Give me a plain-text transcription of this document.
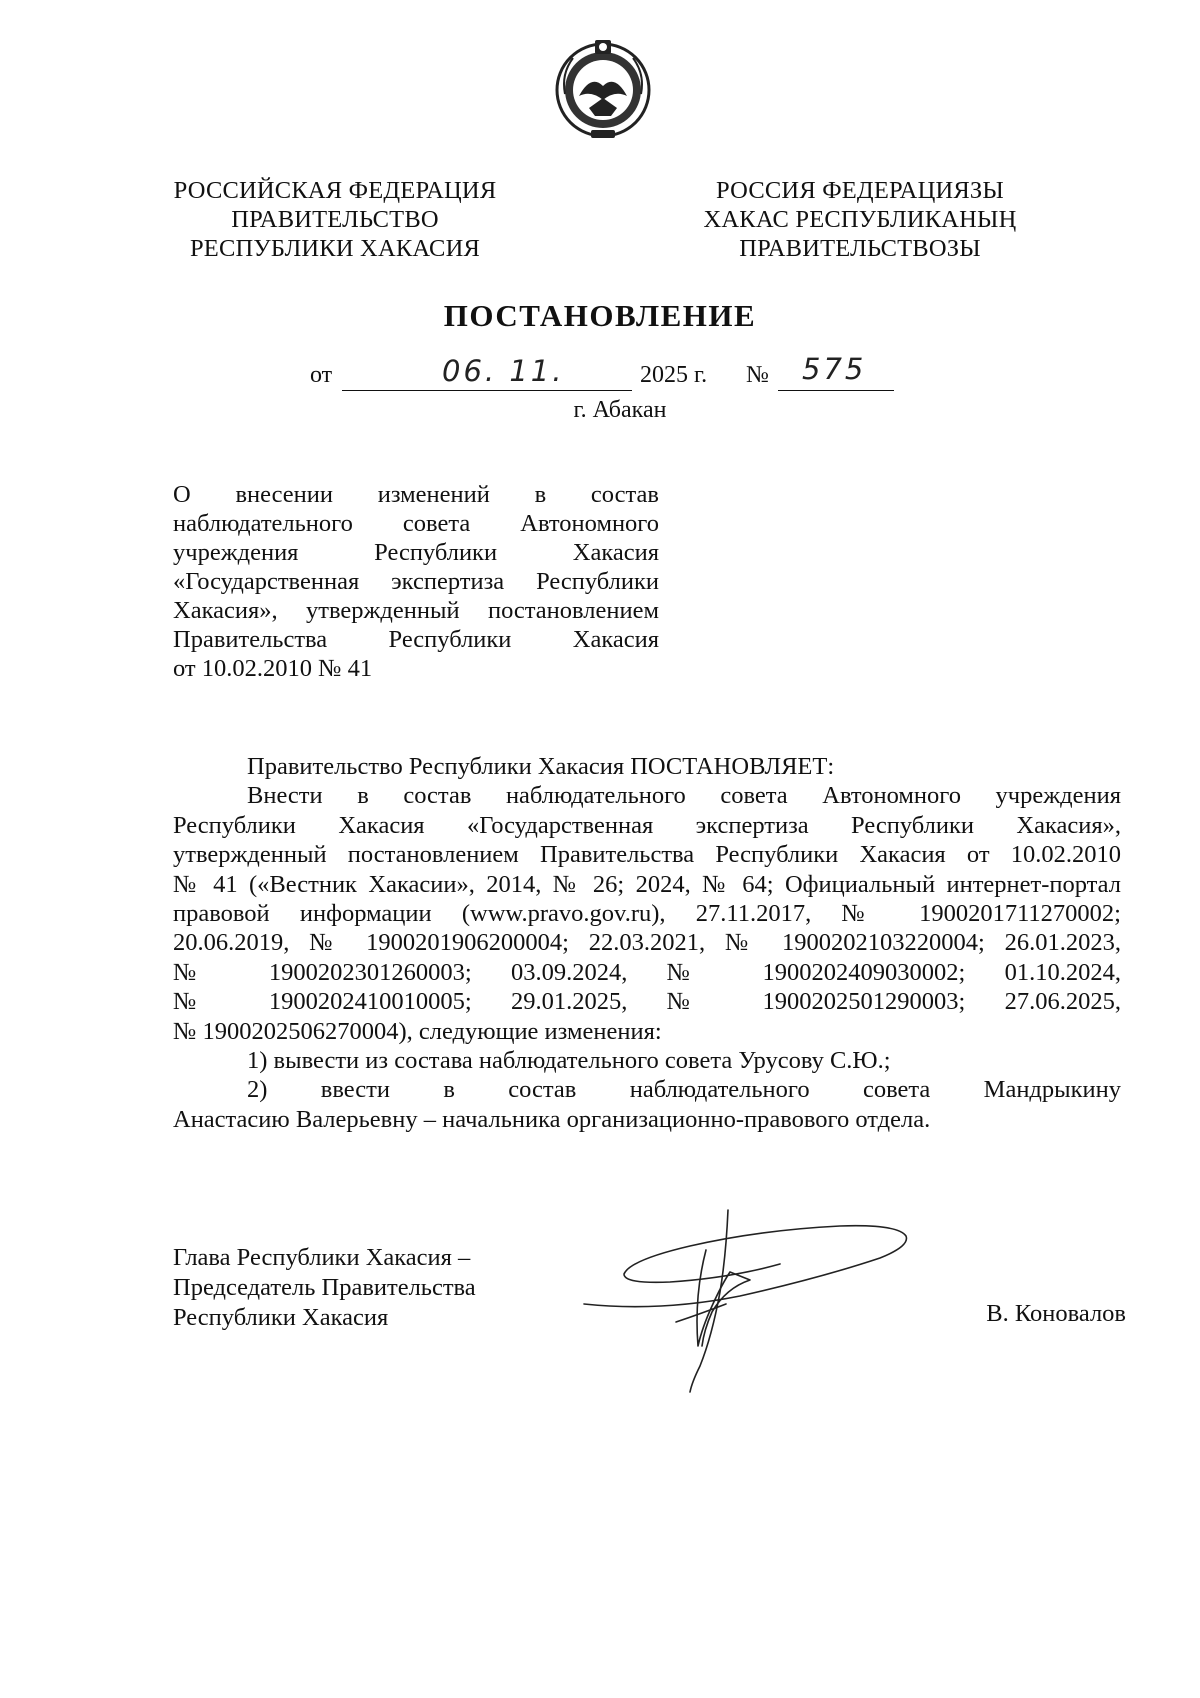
РОССИЙСКАЯ ФЕДЕРАЦИЯ
ПРАВИТЕЛЬСТВО
РЕСПУБЛИКИ ХАКАСИЯ
РОССИЯ ФЕДЕРАЦИЯЗЫ
ХАКАС РЕСПУБЛИКАНЫҢ
ПРАВИТЕЛЬСТВОЗЫ
ПОСТАНОВЛЕНИЕ
от	06. 11.	2025 г. № 575
г. Абакан
О внесении изменений в состав
наблюдательного совета Автономного
учреждения Республики Хакасия
«Государственная экспертиза Республики
Хакасия», утвержденный постановлением
Правительства Республики Хакасия
от 10.02.2010 № 41
Правительство Республики Хакасия ПОСТАНОВЛЯЕТ:
Внести в состав наблюдательного совета Автономного учреждения
Республики Хакасия «Государственная экспертиза Республики Хакасия»,
утвержденный постановлением Правительства Республики Хакасия от 10.02.2010
№ 41 («Вестник Хакасии», 2014, № 26; 2024, № 64; Официальный интернет-портал
правовой информации (www.pravo.gov.ru), 27.11.2017, № 1900201711270002;
20.06.2019, № 1900201906200004; 22.03.2021, № 1900202103220004; 26.01.2023,
№ 1900202301260003; 03.09.2024, № 1900202409030002; 01.10.2024,
№ 1900202410010005; 29.01.2025, № 1900202501290003; 27.06.2025,
№ 1900202506270004), следующие изменения:
1) вывести из состава наблюдательного совета Урусову С.Ю.;
2) ввести в состав наблюдательного совета Мандрыкину
Анастасию Валерьевну – начальника организационно-правового отдела.
Глава Республики Хакасия –
Председатель Правительства
Республики Хакасия	В. Коновалов
